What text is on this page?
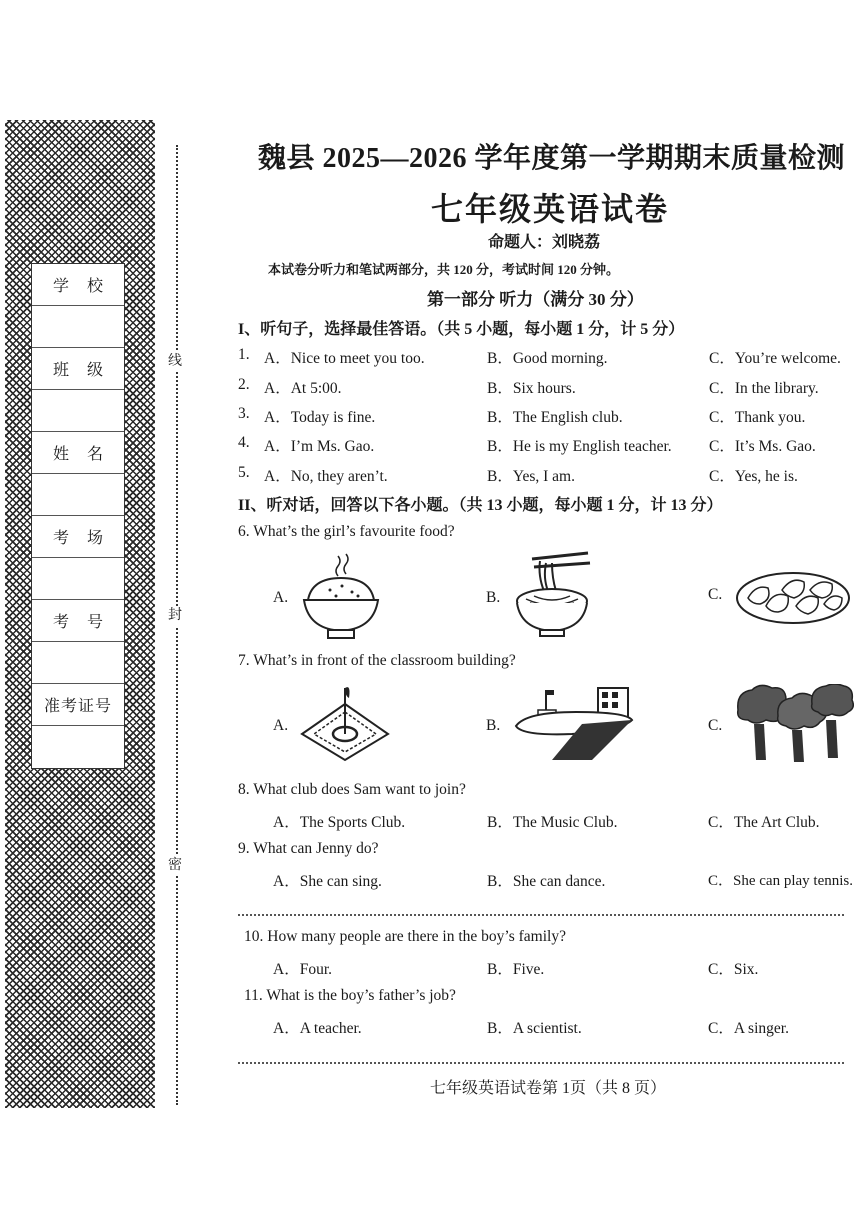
学校
班级
姓名
考场
考号
准考证号
线
封
密
魏县 2025—2026 学年度第一学期期末质量检测
七年级英语试卷
命题人：刘晓荔
本试卷分听力和笔试两部分，共 120 分，考试时间 120 分钟。
第一部分 听力（满分 30 分）
I、听句子，选择最佳答语。（共 5 小题，每小题 1 分，计 5 分）
1. A．Nice to meet you too.	B．Good morning.	C．You’re welcome.
2. A．At 5:00.	B．Six hours.	C．In the library.
3. A．Today is fine.	B．The English club.	C．Thank you.
4. A．I’m Ms. Gao.	B．He is my English teacher. C．It’s Ms. Gao.
5. A．No, they aren’t.	B．Yes, I am.	C．Yes, he is.
II、听对话，回答以下各小题。（共 13 小题，每小题 1 分，计 13 分）
6. What’s the girl’s favourite food?
A.	B.	C.
7. What’s in front of the classroom building?
A.	B.	C.
8. What club does Sam want to join?
A．The Sports Club.	B．The Music Club.	C．The Art Club.
9. What can Jenny do?
A．She can sing.	B．She can dance.	C．She can play tennis.
10. How many people are there in the boy’s family?
A．Four.	B．Five.	C．Six.
11. What is the boy’s father’s job?
A．A teacher.	B．A scientist.	C．A singer.
七年级英语试卷第 1页（共 8 页）
